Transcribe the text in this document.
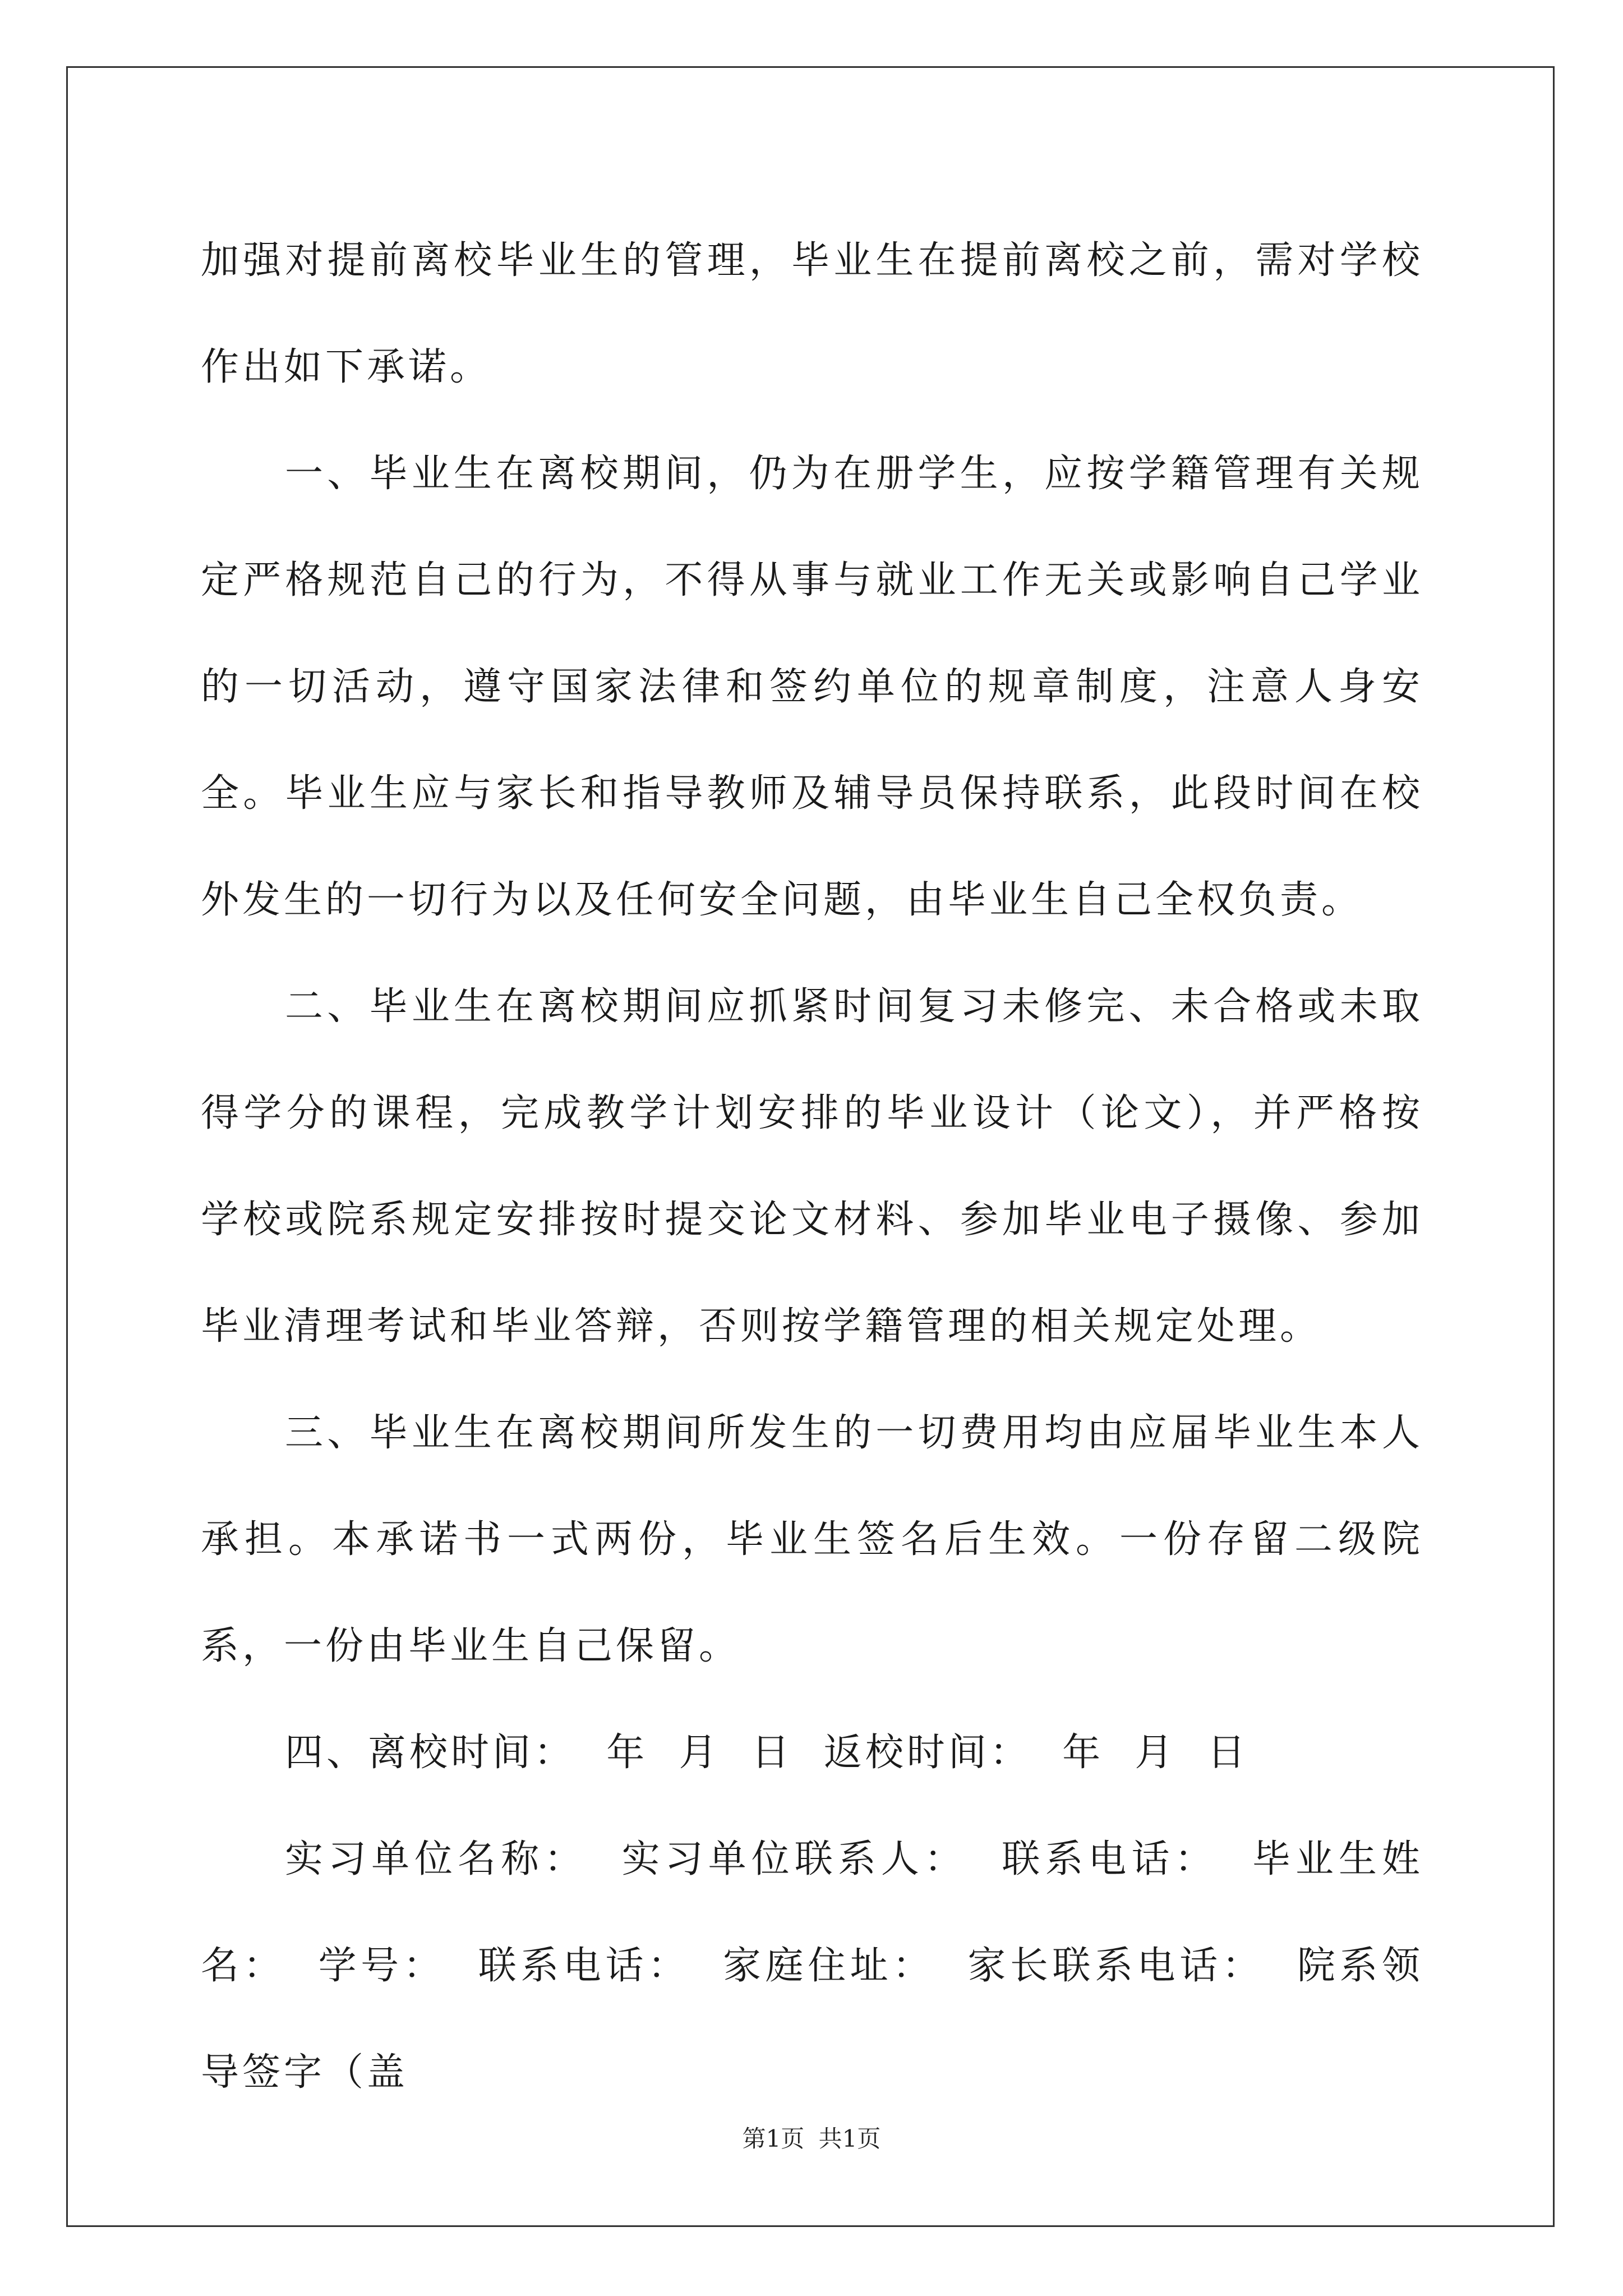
加强对提前离校毕业生的管理，毕业生在提前离校之前，需对学校作出如下承诺。

一、毕业生在离校期间，仍为在册学生，应按学籍管理有关规定严格规范自己的行为，不得从事与就业工作无关或影响自己学业的一切活动，遵守国家法律和签约单位的规章制度，注意人身安全。毕业生应与家长和指导教师及辅导员保持联系，此段时间在校外发生的一切行为以及任何安全问题，由毕业生自己全权负责。

二、毕业生在离校期间应抓紧时间复习未修完、未合格或未取得学分的课程，完成教学计划安排的毕业设计（论文），并严格按学校或院系规定安排按时提交论文材料、参加毕业电子摄像、参加毕业清理考试和毕业答辩，否则按学籍管理的相关规定处理。

三、毕业生在离校期间所发生的一切费用均由应届毕业生本人承担。本承诺书一式两份，毕业生签名后生效。一份存留二级院系，一份由毕业生自己保留。

四、离校时间：  年  月  日  返校时间：  年  月  日

实习单位名称：  实习单位联系人：  联系电话：  毕业生姓名：  学号：  联系电话：  家庭住址：  家长联系电话：  院系领导签字（盖

第1页 共1页
